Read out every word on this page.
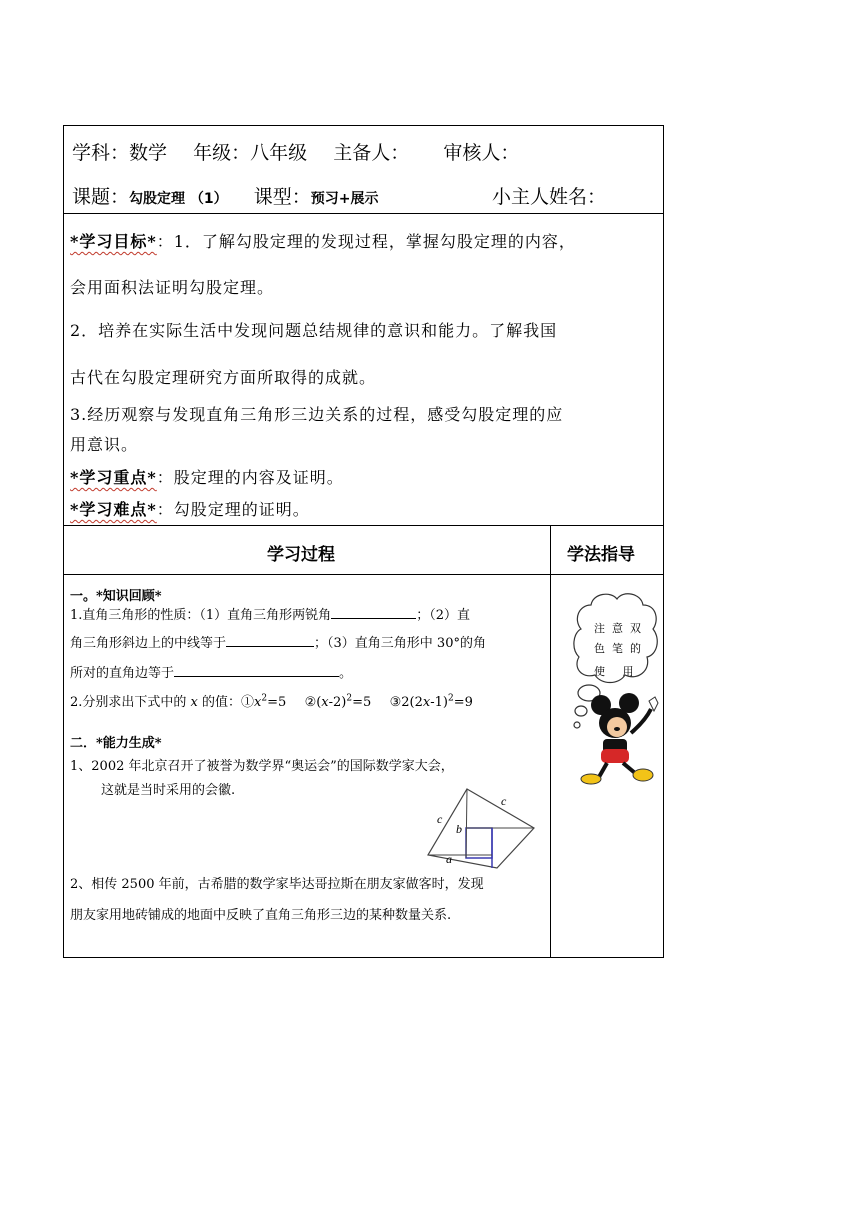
学科：数学 年级：八年级 主备人： 审核人：
课题：勾股定理 （1） 课型：预习+展示	小主人姓名：
*学习目标*：1．了解勾股定理的发现过程，掌握勾股定理的内容，
会用面积法证明勾股定理。
2．培养在实际生活中发现问题总结规律的意识和能力。了解我国
古代在勾股定理研究方面所取得的成就。
3.经历观察与发现直角三角形三边关系的过程，感受勾股定理的应
用意识。
*学习重点*：股定理的内容及证明。
*学习难点*：勾股定理的证明。
学习过程	学法指导
一。*知识回顾*
1.直角三角形的性质：（1）直角三角形两锐角	；（2）直
角三角形斜边上的中线等于	；（3）直角三角形中 30°的角
所对的直角边等于	。
2.分别求出下式中的 x 的值：$①x^2=5$ $②(x-2)^2=5$ $③2(2x-1)^2=9$
二．*能力生成*
1、2002 年北京召开了被誉为数学界“奥运会”的国际数学家大会，
这就是当时采用的会徽.
c
c
b
a
2、相传 2500 年前，古希腊的数学家毕达哥拉斯在朋友家做客时，发现
朋友家用地砖铺成的地面中反映了直角三角形三边的某种数量关系.
注意双
色笔的
使 用
